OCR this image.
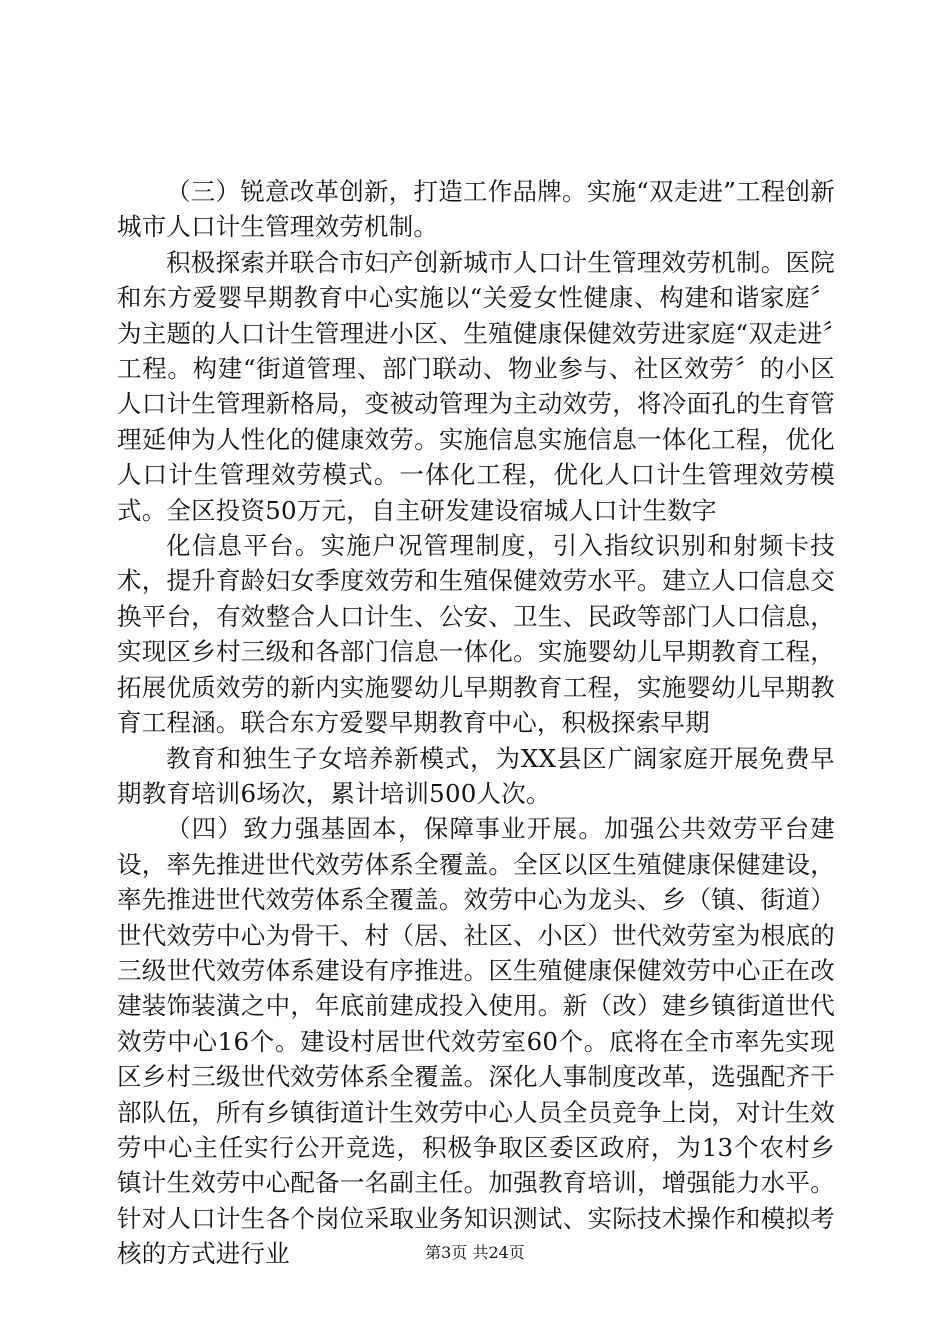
（三）锐意改革创新，打造工作品牌。实施“双走进”工程创新城市人口计生管理效劳机制。

积极探索并联合市妇产创新城市人口计生管理效劳机制。医院和东方爱婴早期教育中心实施以“关爱女性健康、构建和谐家庭〞为主题的人口计生管理进小区、生殖健康保健效劳进家庭“双走进〞工程。构建“街道管理、部门联动、物业参与、社区效劳〞的小区人口计生管理新格局，变被动管理为主动效劳，将冷面孔的生育管理延伸为人性化的健康效劳。实施信息实施信息一体化工程，优化人口计生管理效劳模式。一体化工程，优化人口计生管理效劳模式。全区投资50万元，自主研发建设宿城人口计生数字

化信息平台。实施户况管理制度，引入指纹识别和射频卡技术，提升育龄妇女季度效劳和生殖保健效劳水平。建立人口信息交换平台，有效整合人口计生、公安、卫生、民政等部门人口信息，实现区乡村三级和各部门信息一体化。实施婴幼儿早期教育工程，拓展优质效劳的新内实施婴幼儿早期教育工程，实施婴幼儿早期教育工程涵。联合东方爱婴早期教育中心，积极探索早期

教育和独生子女培养新模式，为XX县区广阔家庭开展免费早期教育培训6场次，累计培训500人次。

（四）致力强基固本，保障事业开展。加强公共效劳平台建设，率先推进世代效劳体系全覆盖。全区以区生殖健康保健建设，率先推进世代效劳体系全覆盖。效劳中心为龙头、乡（镇、街道）世代效劳中心为骨干、村（居、社区、小区）世代效劳室为根底的三级世代效劳体系建设有序推进。区生殖健康保健效劳中心正在改建装饰装潢之中，年底前建成投入使用。新（改）建乡镇街道世代效劳中心16个。建设村居世代效劳室60个。底将在全市率先实现区乡村三级世代效劳体系全覆盖。深化人事制度改革，选强配齐干部队伍，所有乡镇街道计生效劳中心人员全员竞争上岗，对计生效劳中心主任实行公开竞选，积极争取区委区政府，为13个农村乡镇计生效劳中心配备一名副主任。加强教育培训，增强能力水平。针对人口计生各个岗位采取业务知识测试、实际技术操作和模拟考核的方式进行业	第3页 共24页
